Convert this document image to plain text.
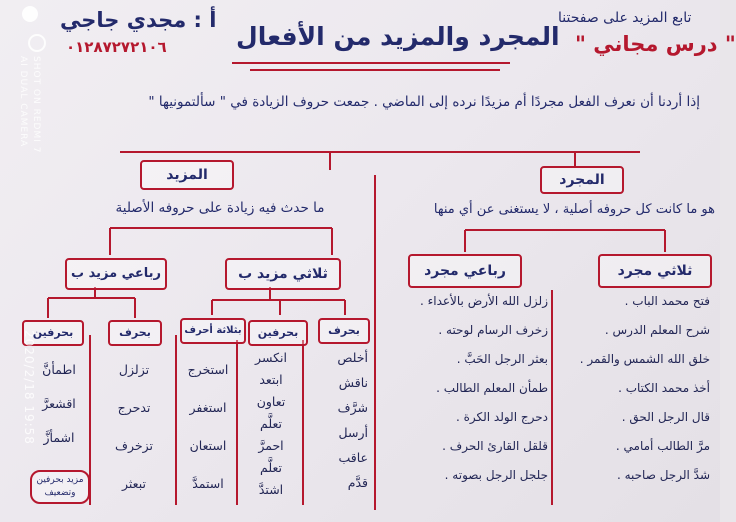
أ : مجدي جاجي
٠١٢٨٧٢٧٢١٠٦	المجرد والمزيد من الأفعال
تابع المزيد على صفحتنا
" درس مجاني "
إذا أردنا أن نعرف الفعل مجردًا أم مزيدًا نرده إلى الماضي . جمعت حروف الزيادة في " سألتمونيها "
المجرد
المزيد
هو ما كانت كل حروفه أصلية ، لا يستغنى عن أي منها
ما حدث فيه زيادة على حروفه الأصلية
ثلاثي مجرد
رباعي مجرد
ثلاثي مزيد ب
رباعي مزيد ب
بحرف
بحرفين
بثلاثة أحرف
بحرف
بحرفين
فتح محمد الباب .
شرح المعلم الدرس .
خلق الله الشمس والقمر .
أخذ محمد الكتاب .
قال الرجل الحق .
مرَّ الطالب أمامي .
شدَّ الرجل صاحبه .
زلزل الله الأرض بالأعداء .
زخرف الرسام لوحته .
بعثر الرجل الحَبَّ .
طمأن المعلم الطالب .
دحرج الولد الكرة .
قلقل القارئ الحرف .
جلجل الرجل بصوته .
أخلص
ناقش
شرَّف
أرسل
عاقب
قدَّم
انكسر
ابتعد
تعاون
تعلَّم
احمرَّ
تعلَّم
اشتدَّ
استخرج
استغفر
استعان
استمدَّ
تزلزل
تدحرج
تزخرف
تبعثر
اطمأنَّ
اقشعرَّ
اشمأزَّ
مزيد بحرفين وتضعيف
SHOT ON REDMI 7
AI DUAL CAMERA
2020/2/18 19:58
